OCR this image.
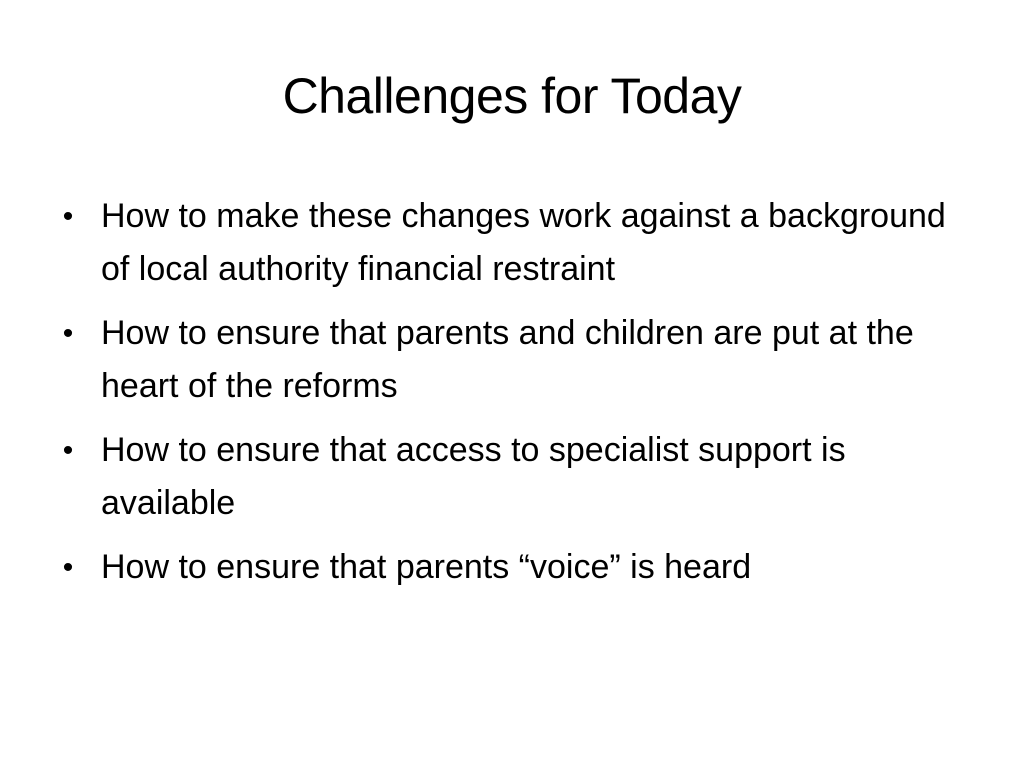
Challenges for Today
• How to make these changes work against a background of local authority financial restraint
• How to ensure that parents and children are put at the heart of the reforms
• How to ensure that access to specialist support is available
• How to ensure that parents “voice” is heard
